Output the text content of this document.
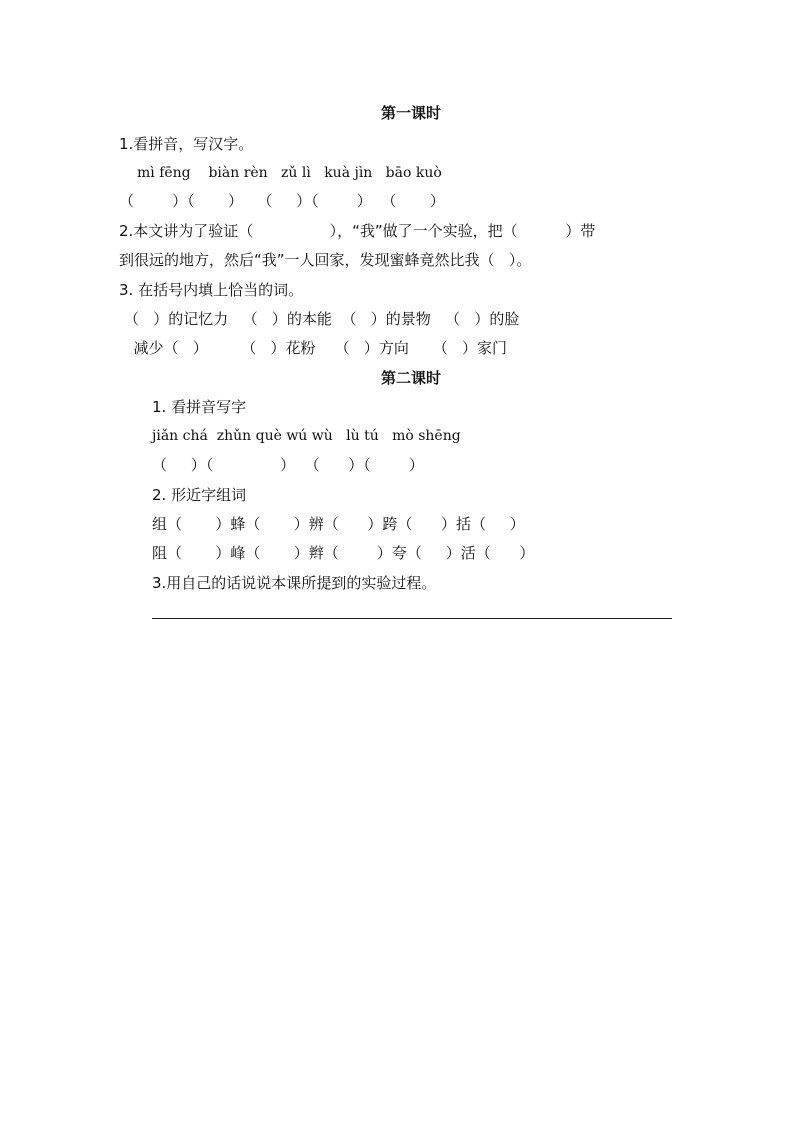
第一课时
1.看拼音，写汉字。
mì fēng    biàn rèn   zǔ lì   kuà jìn   bāo kuò
（        ）（       ）   （     ）（        ）  （       ）
2.本文讲为了验证（                ），“我”做了一个实验，把（          ）带
到很远的地方，然后“我”一人回家，发现蜜蜂竟然比我（   ）。
3. 在括号内填上恰当的词。
（   ）的记忆力   （   ）的本能  （   ）的景物   （   ）的脸
减少（   ）       （   ）花粉    （   ）方向     （   ）家门
第二课时
1. 看拼音写字
jiǎn chá  zhǔn què wú wù   lù tú   mò shēng
（     ）（              ）  （      ）（        ）
2. 形近字组词
组（       ）蜂（       ）辨（      ）跨（      ）括（     ）
阻（       ）峰（       ）辫（        ）夸（     ）活（      ）
3.用自己的话说说本课所提到的实验过程。
